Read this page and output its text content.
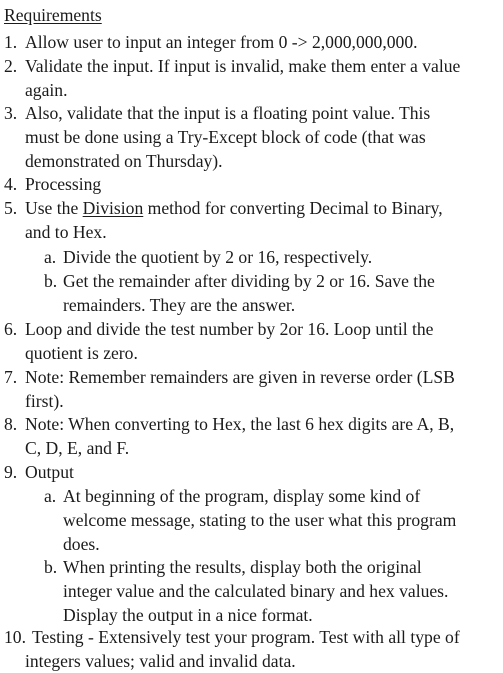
Requirements
1. Allow user to input an integer from 0 -> 2,000,000,000.
2. Validate the input. If input is invalid, make them enter a value
again.
3. Also, validate that the input is a floating point value. This
must be done using a Try-Except block of code (that was
demonstrated on Thursday).
4. Processing
5. Use the Division method for converting Decimal to Binary,
and to Hex.
a. Divide the quotient by 2 or 16, respectively.
b. Get the remainder after dividing by 2 or 16. Save the
remainders. They are the answer.
6. Loop and divide the test number by 2or 16. Loop until the
quotient is zero.
7. Note: Remember remainders are given in reverse order (LSB
first).
8. Note: When converting to Hex, the last 6 hex digits are A, B,
C, D, E, and F.
9. Output
a. At beginning of the program, display some kind of
welcome message, stating to the user what this program
does.
b. When printing the results, display both the original
integer value and the calculated binary and hex values.
Display the output in a nice format.
10. Testing - Extensively test your program. Test with all type of
integers values; valid and invalid data.
